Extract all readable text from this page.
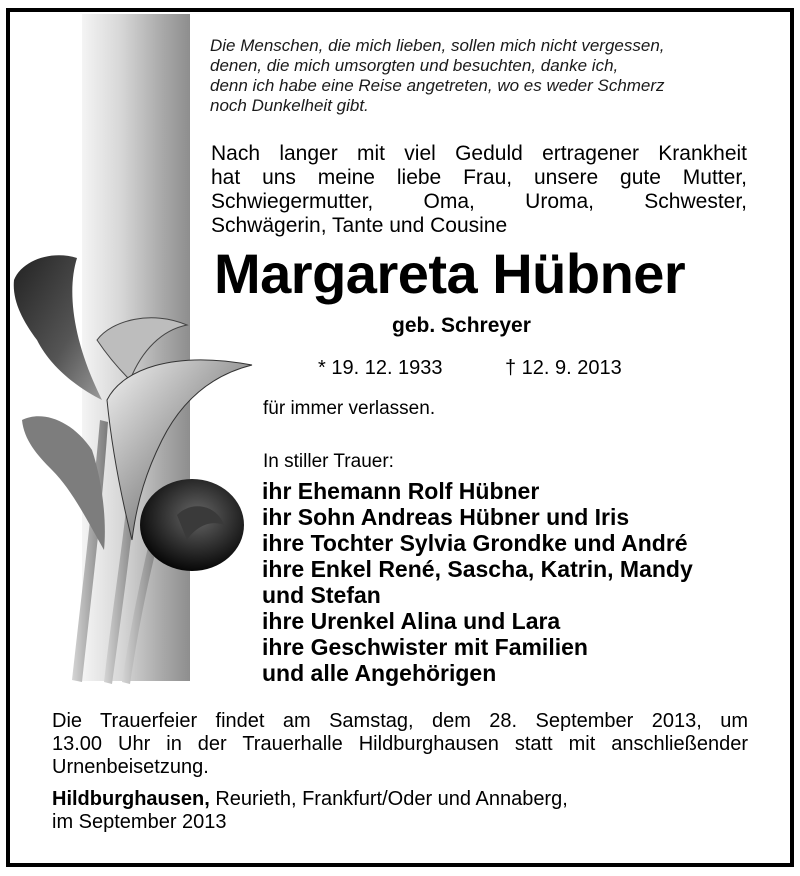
Die Menschen, die mich lieben, sollen mich nicht vergessen,
denen, die mich umsorgten und besuchten, danke ich,
denn ich habe eine Reise angetreten, wo es weder Schmerz
noch Dunkelheit gibt.
Nach langer mit viel Geduld ertragener Krankheit
hat uns meine liebe Frau, unsere gute Mutter,
Schwiegermutter, Oma, Uroma, Schwester,
Schwägerin, Tante und Cousine
Margareta Hübner
geb. Schreyer
* 19. 12. 1933	† 12. 9. 2013
für immer verlassen.
In stiller Trauer:
ihr Ehemann Rolf Hübner
ihr Sohn Andreas Hübner und Iris
ihre Tochter Sylvia Grondke und André
ihre Enkel René, Sascha, Katrin, Mandy
und Stefan
ihre Urenkel Alina und Lara
ihre Geschwister mit Familien
und alle Angehörigen
Die Trauerfeier findet am Samstag, dem 28. September 2013, um
13.00 Uhr in der Trauerhalle Hildburghausen statt mit anschließender
Urnenbeisetzung.
Hildburghausen, Reurieth, Frankfurt/Oder und Annaberg,
im September 2013
